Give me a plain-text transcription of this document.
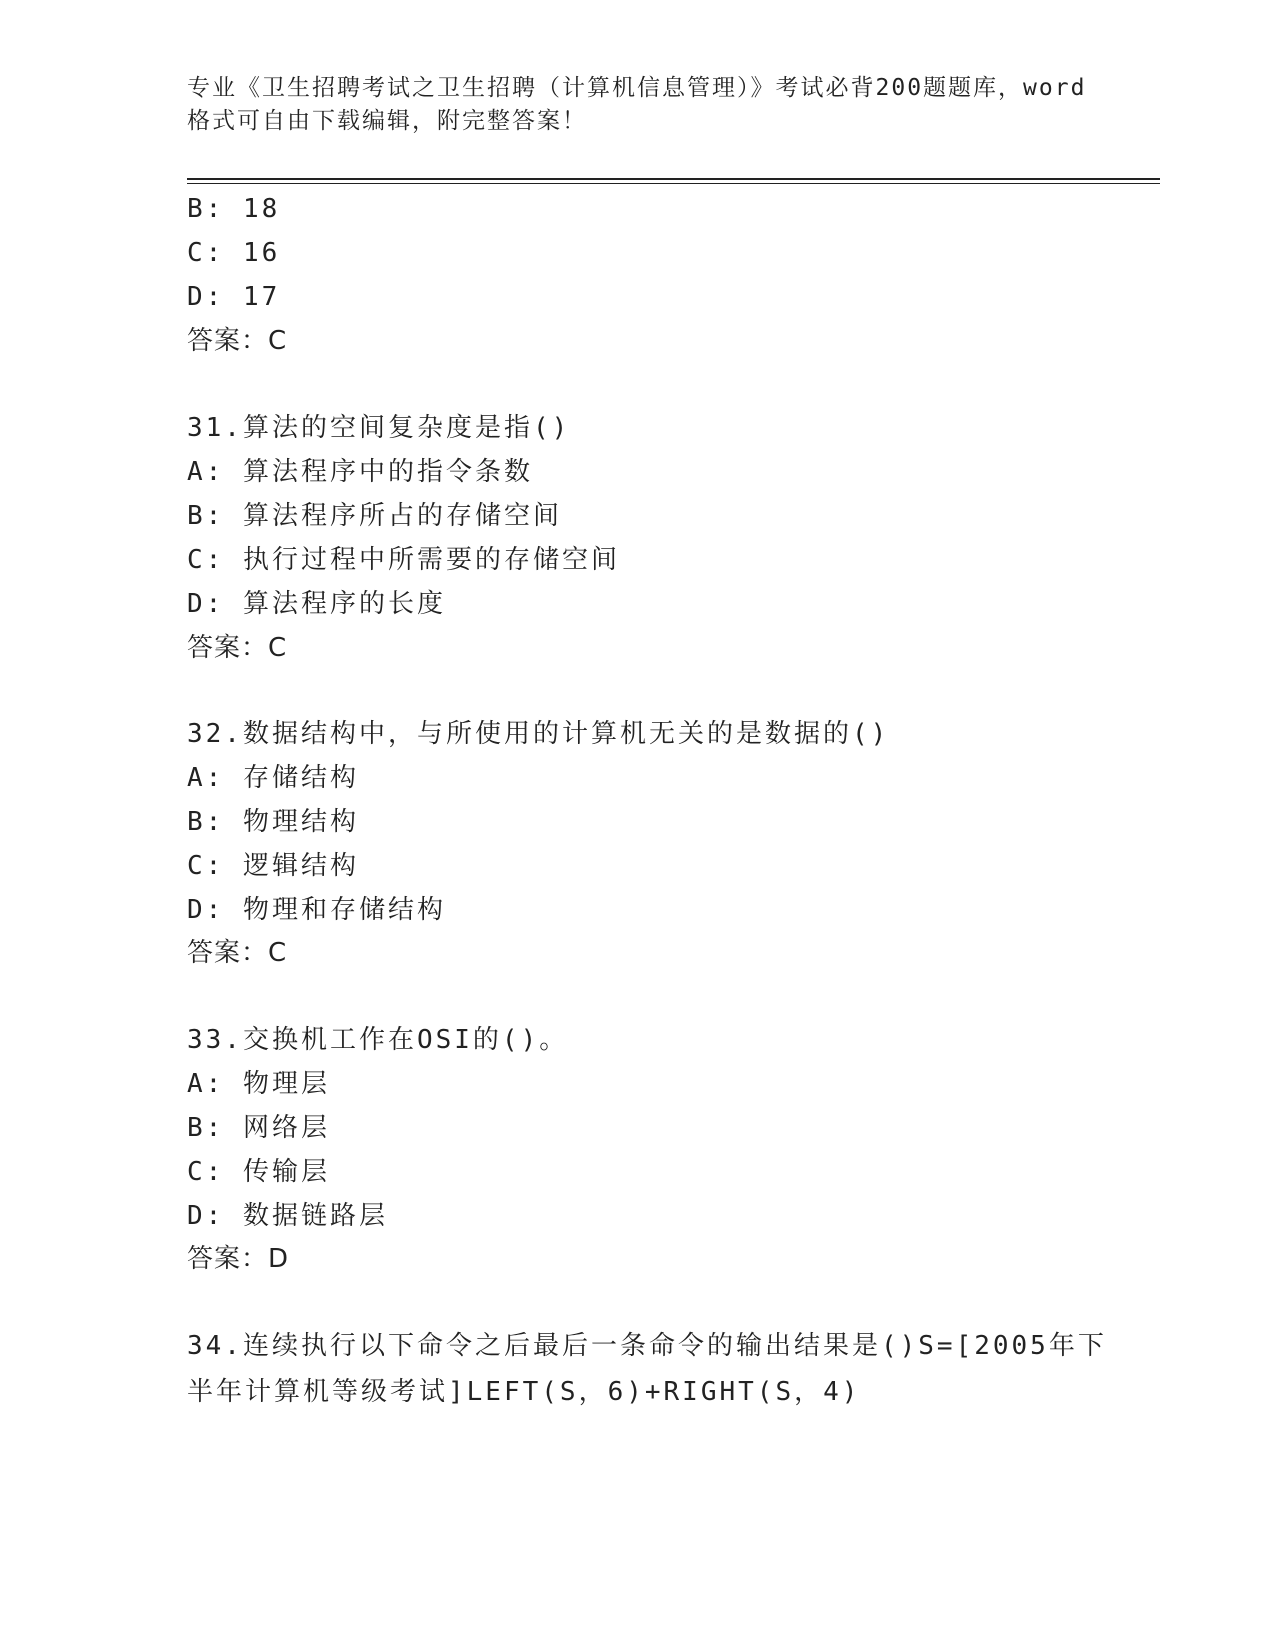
专业《卫生招聘考试之卫生招聘（计算机信息管理）》考试必背200题题库，word
格式可自由下载编辑，附完整答案！
B: 18
C: 16
D: 17
答案：C
31.算法的空间复杂度是指()
A: 算法程序中的指令条数
B: 算法程序所占的存储空间
C: 执行过程中所需要的存储空间
D: 算法程序的长度
答案：C
32.数据结构中，与所使用的计算机无关的是数据的()
A: 存储结构
B: 物理结构
C: 逻辑结构
D: 物理和存储结构
答案：C
33.交换机工作在OSI的()。
A: 物理层
B: 网络层
C: 传输层
D: 数据链路层
答案：D
34.连续执行以下命令之后最后一条命令的输出结果是()S=[2005年下
半年计算机等级考试]LEFT(S，6)+RIGHT(S，4)
